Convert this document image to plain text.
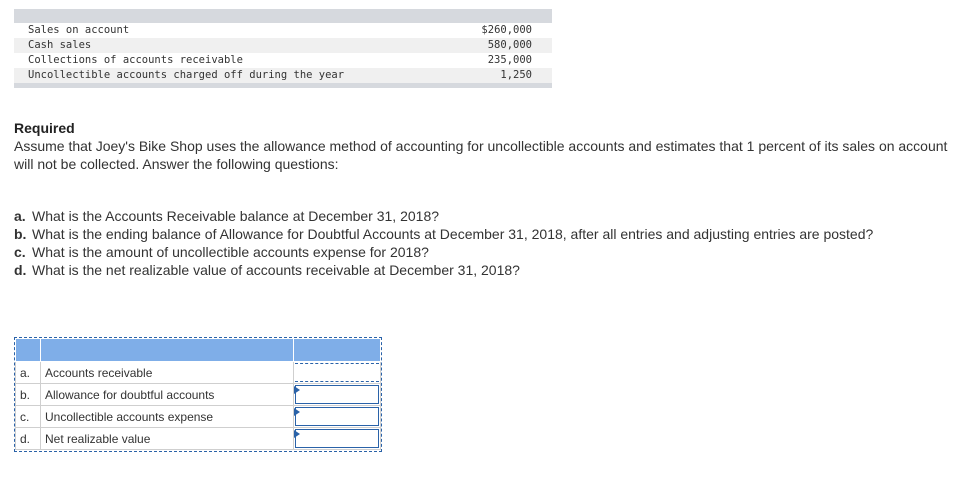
Sales on account	$260,000
Cash sales	580,000
Collections of accounts receivable	235,000
Uncollectible accounts charged off during the year	1,250
Required
Assume that Joey's Bike Shop uses the allowance method of accounting for uncollectible accounts and estimates that 1 percent of its sales on account will not be collected. Answer the following questions:
a. What is the Accounts Receivable balance at December 31, 2018?
b. What is the ending balance of Allowance for Doubtful Accounts at December 31, 2018, after all entries and adjusting entries are posted?
c. What is the amount of uncollectible accounts expense for 2018?
d. What is the net realizable value of accounts receivable at December 31, 2018?

a.	Accounts receivable	

b.	Allowance for doubtful accounts	

c.	Uncollectible accounts expense	

d.	Net realizable value	
